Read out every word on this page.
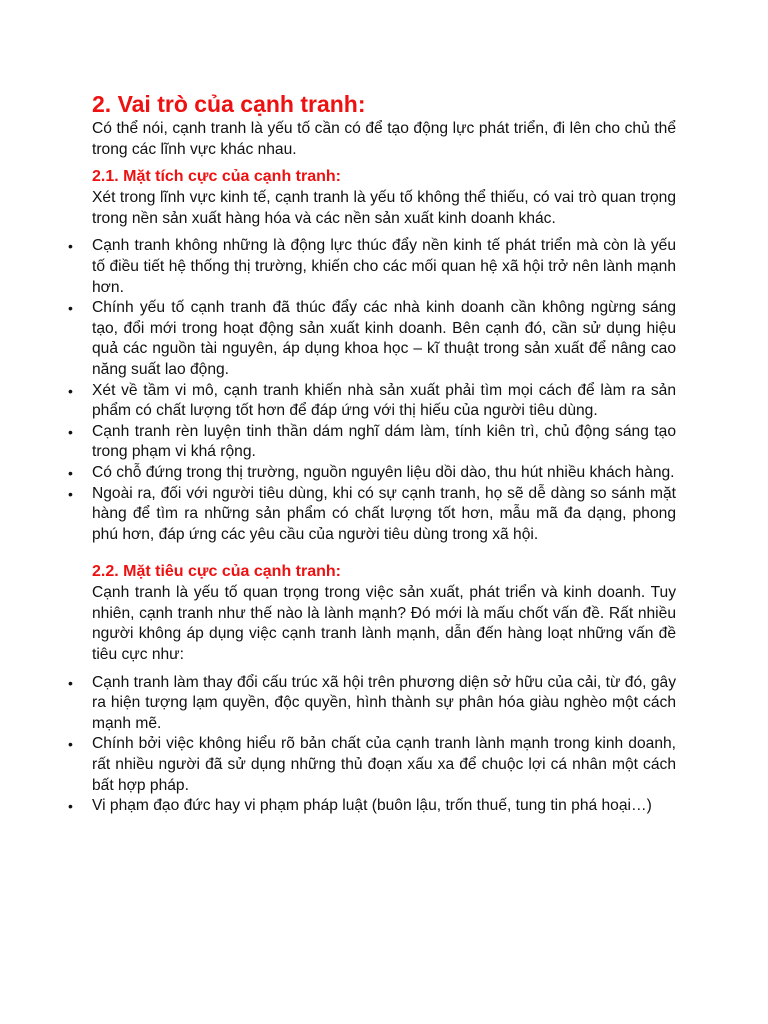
2. Vai trò của cạnh tranh:

Có thể nói, cạnh tranh là yếu tố cần có để tạo động lực phát triển, đi lên cho chủ thể trong các lĩnh vực khác nhau.

2.1. Mặt tích cực của cạnh tranh:

Xét trong lĩnh vực kinh tế, cạnh tranh là yếu tố không thể thiếu, có vai trò quan trọng trong nền sản xuất hàng hóa và các nền sản xuất kinh doanh khác.

• Cạnh tranh không những là động lực thúc đẩy nền kinh tế phát triển mà còn là yếu tố điều tiết hệ thống thị trường, khiến cho các mối quan hệ xã hội trở nên lành mạnh hơn.
• Chính yếu tố cạnh tranh đã thúc đẩy các nhà kinh doanh cần không ngừng sáng tạo, đổi mới trong hoạt động sản xuất kinh doanh. Bên cạnh đó, cần sử dụng hiệu quả các nguồn tài nguyên, áp dụng khoa học – kĩ thuật trong sản xuất để nâng cao năng suất lao động.
• Xét về tầm vi mô, cạnh tranh khiến nhà sản xuất phải tìm mọi cách để làm ra sản phẩm có chất lượng tốt hơn để đáp ứng với thị hiếu của người tiêu dùng.
• Cạnh tranh rèn luyện tinh thần dám nghĩ dám làm, tính kiên trì, chủ động sáng tạo trong phạm vi khá rộng.
• Có chỗ đứng trong thị trường, nguồn nguyên liệu dồi dào, thu hút nhiều khách hàng.
• Ngoài ra, đối với người tiêu dùng, khi có sự cạnh tranh, họ sẽ dễ dàng so sánh mặt hàng để tìm ra những sản phẩm có chất lượng tốt hơn, mẫu mã đa dạng, phong phú hơn, đáp ứng các yêu cầu của người tiêu dùng trong xã hội.
2.2. Mặt tiêu cực của cạnh tranh:

Cạnh tranh là yếu tố quan trọng trong việc sản xuất, phát triển và kinh doanh. Tuy nhiên, cạnh tranh như thế nào là lành mạnh? Đó mới là mấu chốt vấn đề. Rất nhiều người không áp dụng việc cạnh tranh lành mạnh, dẫn đến hàng loạt những vấn đề tiêu cực như:

• Cạnh tranh làm thay đổi cấu trúc xã hội trên phương diện sở hữu của cải, từ đó, gây ra hiện tượng lạm quyền, độc quyền, hình thành sự phân hóa giàu nghèo một cách mạnh mẽ.
• Chính bởi việc không hiểu rõ bản chất của cạnh tranh lành mạnh trong kinh doanh, rất nhiều người đã sử dụng những thủ đoạn xấu xa để chuộc lợi cá nhân một cách bất hợp pháp.
• Vi phạm đạo đức hay vi phạm pháp luật (buôn lậu, trốn thuế, tung tin phá hoại…)
